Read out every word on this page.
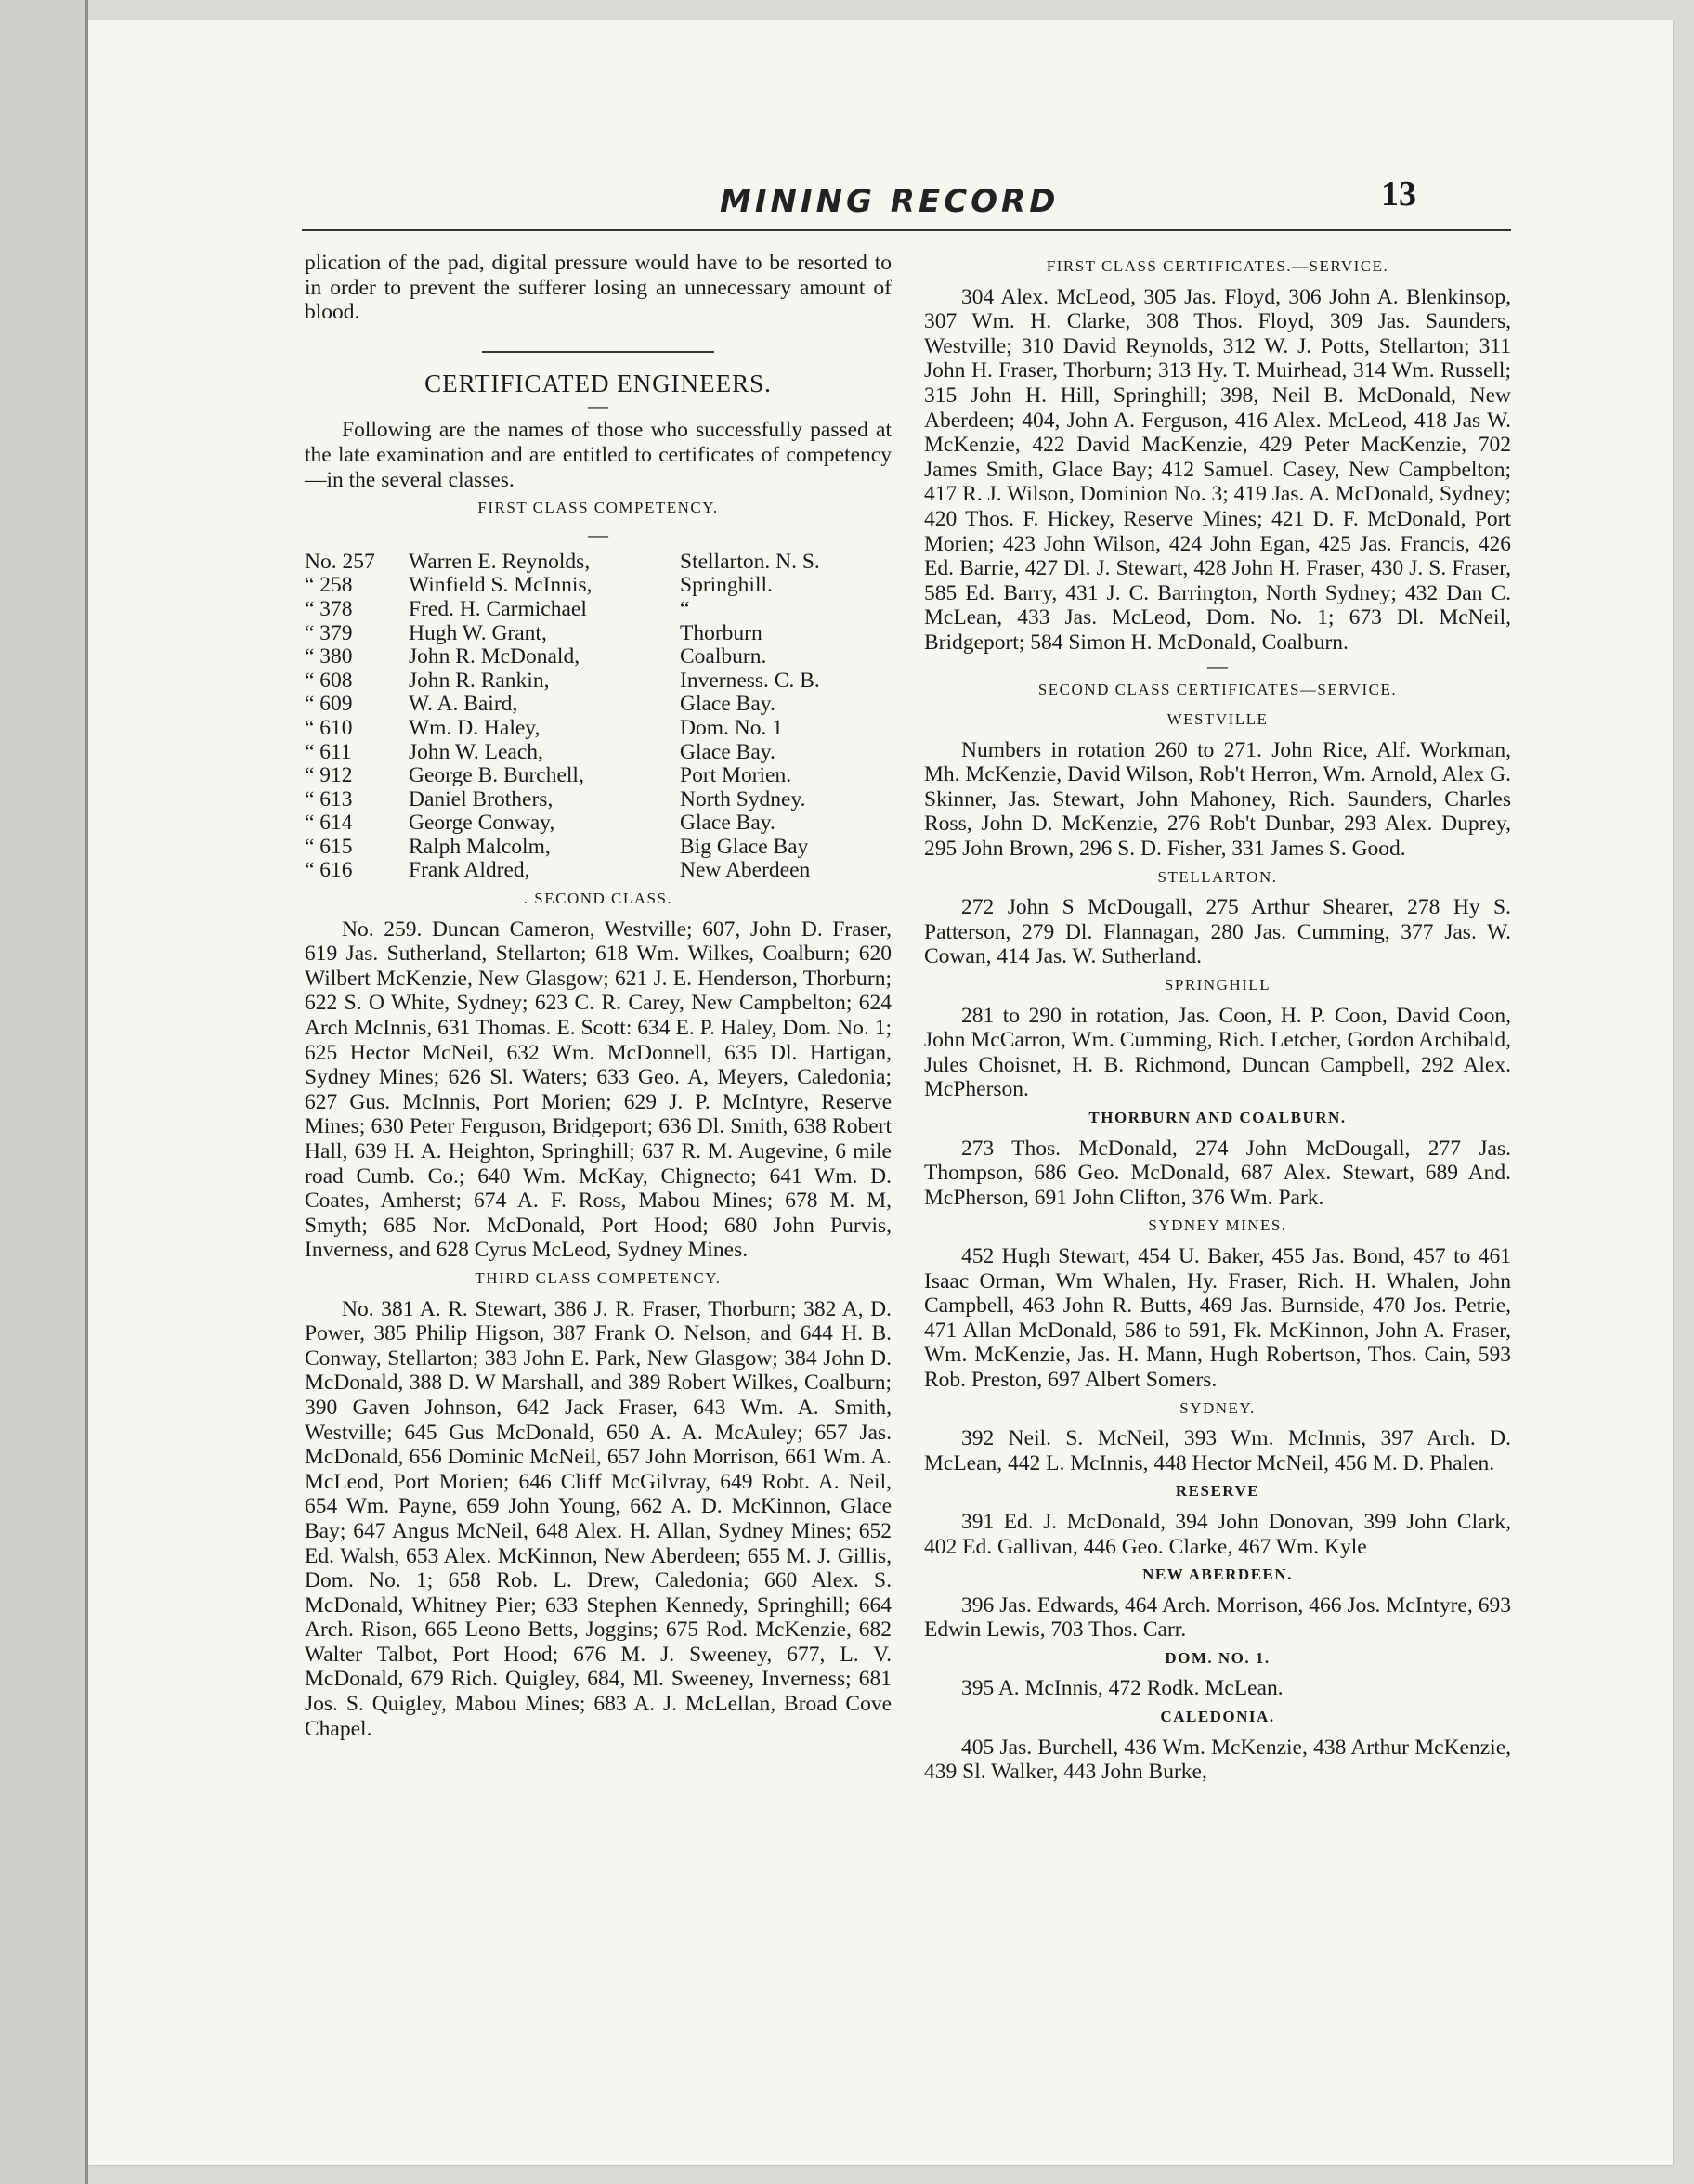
MINING RECORD	13

plication of the pad, digital pressure would have to be resorted to in order to prevent the sufferer losing an unnecessary amount of blood.

CERTIFICATED ENGINEERS.
—

Following are the names of those who successfully passed at the late examination and are entitled to certificates of competency—in the several classes.

FIRST CLASS COMPETENCY.
—
No. 257	Warren E. Reynolds,	Stellarton. N. S.
“ 258	Winfield S. McInnis,	Springhill.
“ 378	Fred. H. Carmichael	“
“ 379	Hugh W. Grant,	Thorburn
“ 380	John R. McDonald,	Coalburn.
“ 608	John R. Rankin,	Inverness. C. B.
“ 609	W. A. Baird,	Glace Bay.
“ 610	Wm. D. Haley,	Dom. No. 1
“ 611	John W. Leach,	Glace Bay.
“ 912	George B. Burchell,	Port Morien.
“ 613	Daniel Brothers,	North Sydney.
“ 614	George Conway,	Glace Bay.
“ 615	Ralph Malcolm,	Big Glace Bay
“ 616	Frank Aldred,	New Aberdeen
. SECOND CLASS.

No. 259. Duncan Cameron, Westville; 607, John D. Fraser, 619 Jas. Sutherland, Stellarton; 618 Wm. Wilkes, Coalburn; 620 Wilbert McKenzie, New Glasgow; 621 J. E. Henderson, Thorburn; 622 S. O White, Sydney; 623 C. R. Carey, New Campbelton; 624 Arch McInnis, 631 Thomas. E. Scott: 634 E. P. Haley, Dom. No. 1; 625 Hector McNeil, 632 Wm. McDonnell, 635 Dl. Hartigan, Sydney Mines; 626 Sl. Waters; 633 Geo. A, Meyers, Caledonia; 627 Gus. McInnis, Port Morien; 629 J. P. McIntyre, Reserve Mines; 630 Peter Ferguson, Bridgeport; 636 Dl. Smith, 638 Robert Hall, 639 H. A. Heighton, Springhill; 637 R. M. Augevine, 6 mile road Cumb. Co.; 640 Wm. McKay, Chignecto; 641 Wm. D. Coates, Amherst; 674 A. F. Ross, Mabou Mines; 678 M. M, Smyth; 685 Nor. McDonald, Port Hood; 680 John Purvis, Inverness, and 628 Cyrus McLeod, Sydney Mines.

THIRD CLASS COMPETENCY.

No. 381 A. R. Stewart, 386 J. R. Fraser, Thorburn; 382 A, D. Power, 385 Philip Higson, 387 Frank O. Nelson, and 644 H. B. Conway, Stellarton; 383 John E. Park, New Glasgow; 384 John D. McDonald, 388 D. W Marshall, and 389 Robert Wilkes, Coalburn; 390 Gaven Johnson, 642 Jack Fraser, 643 Wm. A. Smith, Westville; 645 Gus McDonald, 650 A. A. McAuley; 657 Jas. McDonald, 656 Dominic McNeil, 657 John Morrison, 661 Wm. A. McLeod, Port Morien; 646 Cliff McGilvray, 649 Robt. A. Neil, 654 Wm. Payne, 659 John Young, 662 A. D. McKinnon, Glace Bay; 647 Angus McNeil, 648 Alex. H. Allan, Sydney Mines; 652 Ed. Walsh, 653 Alex. McKinnon, New Aberdeen; 655 M. J. Gillis, Dom. No. 1; 658 Rob. L. Drew, Caledonia; 660 Alex. S. McDonald, Whitney Pier; 633 Stephen Kennedy, Springhill; 664 Arch. Rison, 665 Leono Betts, Joggins; 675 Rod. McKenzie, 682 Walter Talbot, Port Hood; 676 M. J. Sweeney, 677, L. V. McDonald, 679 Rich. Quigley, 684, Ml. Sweeney, Inverness; 681 Jos. S. Quigley, Mabou Mines; 683 A. J. McLellan, Broad Cove Chapel.

FIRST CLASS CERTIFICATES.—SERVICE.

304 Alex. McLeod, 305 Jas. Floyd, 306 John A. Blenkinsop, 307 Wm. H. Clarke, 308 Thos. Floyd, 309 Jas. Saunders, Westville; 310 David Reynolds, 312 W. J. Potts, Stellarton; 311 John H. Fraser, Thorburn; 313 Hy. T. Muirhead, 314 Wm. Russell; 315 John H. Hill, Springhill; 398, Neil B. McDonald, New Aberdeen; 404, John A. Ferguson, 416 Alex. McLeod, 418 Jas W. McKenzie, 422 David MacKenzie, 429 Peter MacKenzie, 702 James Smith, Glace Bay; 412 Samuel. Casey, New Campbelton; 417 R. J. Wilson, Dominion No. 3; 419 Jas. A. McDonald, Sydney; 420 Thos. F. Hickey, Reserve Mines; 421 D. F. McDonald, Port Morien; 423 John Wilson, 424 John Egan, 425 Jas. Francis, 426 Ed. Barrie, 427 Dl. J. Stewart, 428 John H. Fraser, 430 J. S. Fraser, 585 Ed. Barry, 431 J. C. Barrington, North Sydney; 432 Dan C. McLean, 433 Jas. McLeod, Dom. No. 1; 673 Dl. McNeil, Bridgeport; 584 Simon H. McDonald, Coalburn.

—
SECOND CLASS CERTIFICATES—SERVICE.
WESTVILLE

Numbers in rotation 260 to 271. John Rice, Alf. Workman, Mh. McKenzie, David Wilson, Rob't Herron, Wm. Arnold, Alex G. Skinner, Jas. Stewart, John Mahoney, Rich. Saunders, Charles Ross, John D. McKenzie, 276 Rob't Dunbar, 293 Alex. Duprey, 295 John Brown, 296 S. D. Fisher, 331 James S. Good.

STELLARTON.

272 John S McDougall, 275 Arthur Shearer, 278 Hy S. Patterson, 279 Dl. Flannagan, 280 Jas. Cumming, 377 Jas. W. Cowan, 414 Jas. W. Sutherland.

SPRINGHILL

281 to 290 in rotation, Jas. Coon, H. P. Coon, David Coon, John McCarron, Wm. Cumming, Rich. Letcher, Gordon Archibald, Jules Choisnet, H. B. Richmond, Duncan Campbell, 292 Alex. McPherson.

THORBURN AND COALBURN.

273 Thos. McDonald, 274 John McDougall, 277 Jas. Thompson, 686 Geo. McDonald, 687 Alex. Stewart, 689 And. McPherson, 691 John Clifton, 376 Wm. Park.

SYDNEY MINES.

452 Hugh Stewart, 454 U. Baker, 455 Jas. Bond, 457 to 461 Isaac Orman, Wm Whalen, Hy. Fraser, Rich. H. Whalen, John Campbell, 463 John R. Butts, 469 Jas. Burnside, 470 Jos. Petrie, 471 Allan McDonald, 586 to 591, Fk. McKinnon, John A. Fraser, Wm. McKenzie, Jas. H. Mann, Hugh Robertson, Thos. Cain, 593 Rob. Preston, 697 Albert Somers.

SYDNEY.

392 Neil. S. McNeil, 393 Wm. McInnis, 397 Arch. D. McLean, 442 L. McInnis, 448 Hector McNeil, 456 M. D. Phalen.

RESERVE

391 Ed. J. McDonald, 394 John Donovan, 399 John Clark, 402 Ed. Gallivan, 446 Geo. Clarke, 467 Wm. Kyle

NEW ABERDEEN.

396 Jas. Edwards, 464 Arch. Morrison, 466 Jos. McIntyre, 693 Edwin Lewis, 703 Thos. Carr.

DOM. NO. 1.

395 A. McInnis, 472 Rodk. McLean.

CALEDONIA.

405 Jas. Burchell, 436 Wm. McKenzie, 438 Arthur McKenzie, 439 Sl. Walker, 443 John Burke,
